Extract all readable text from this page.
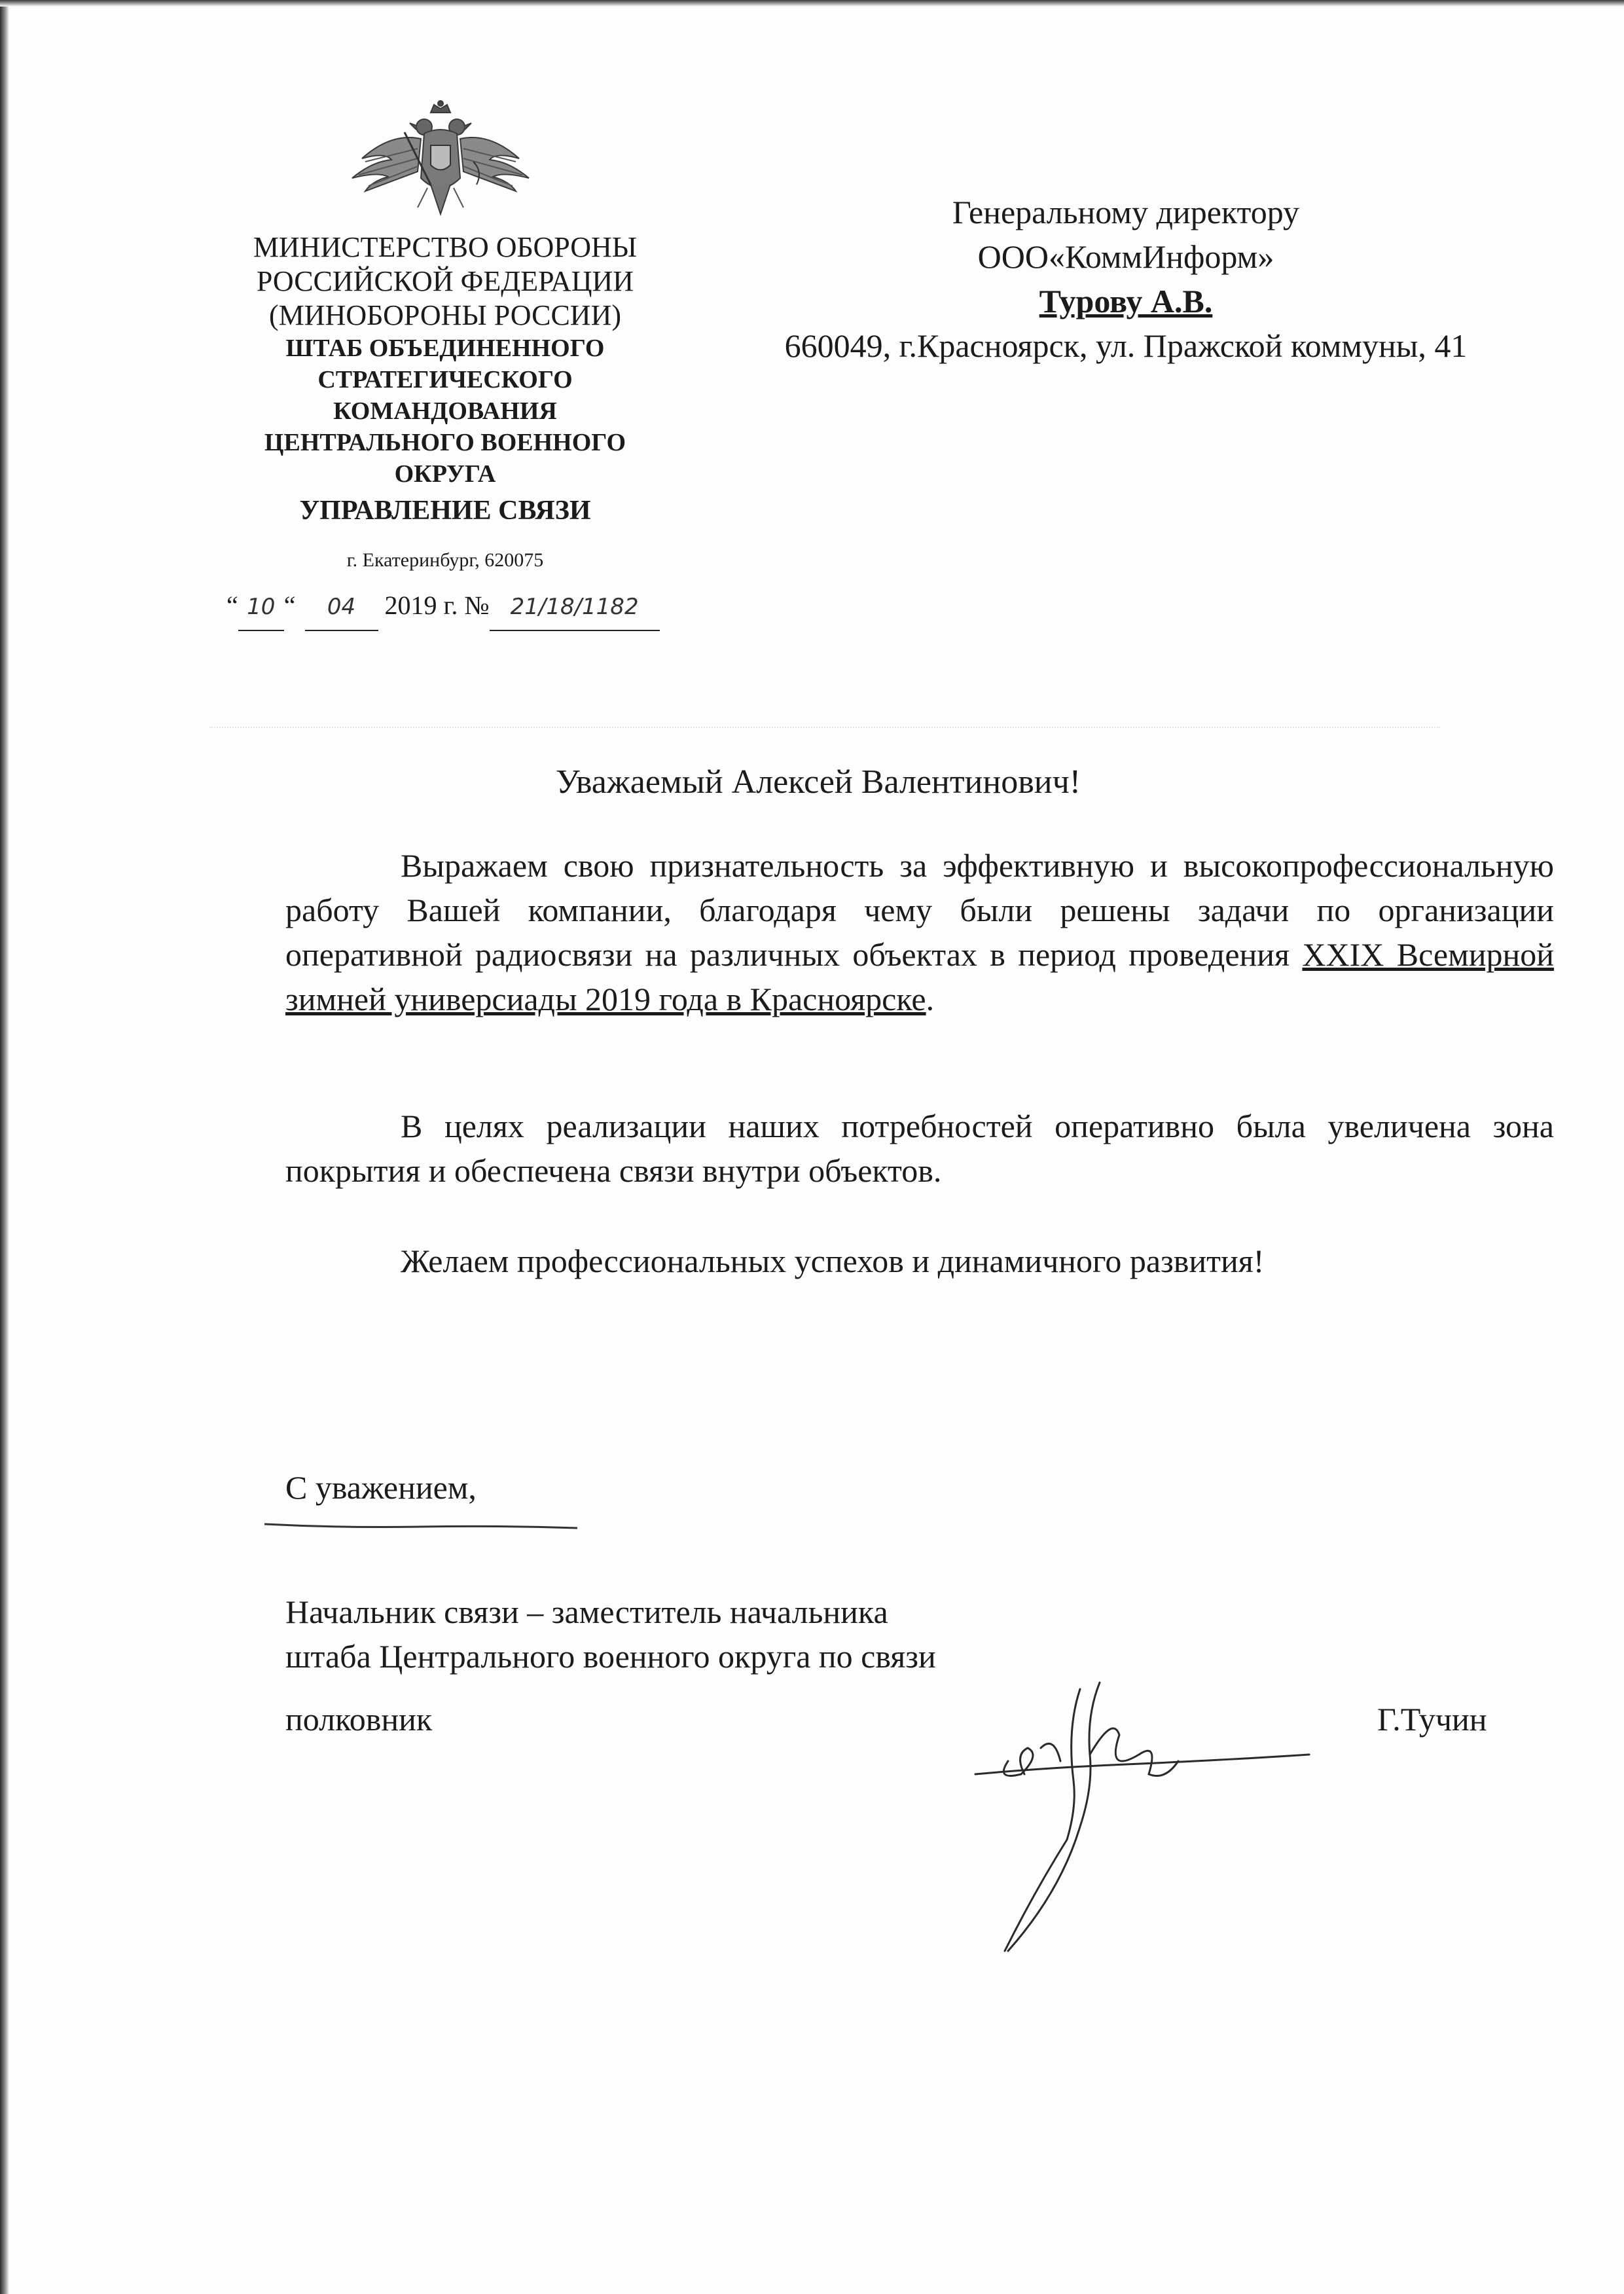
МИНИСТЕРСТВО ОБОРОНЫ
РОССИЙСКОЙ ФЕДЕРАЦИИ
(МИНОБОРОНЫ РОССИИ)
ШТАБ ОБЪЕДИНЕННОГО
СТРАТЕГИЧЕСКОГО
КОМАНДОВАНИЯ
ЦЕНТРАЛЬНОГО ВОЕННОГО
ОКРУГА
УПРАВЛЕНИЕ СВЯЗИ
г. Екатеринбург, 620075
“ 10 “ 04 2019 г. № 21/18/1182
Генеральному директору
ООО«КоммИнформ»
Турову А.В.
660049, г.Красноярск, ул. Пражской коммуны, 41
Уважаемый Алексей Валентинович!

Выражаем свою признательность за эффективную и высокопрофессиональную работу Вашей компании, благодаря чему были решены задачи по организации оперативной радиосвязи на различных объектах в период проведения XXIX Всемирной зимней универсиады 2019 года в Красноярске.

В целях реализации наших потребностей оперативно была увеличена зона покрытия и обеспечена связи внутри объектов.

Желаем профессиональных успехов и динамичного развития!

С уважением,
Начальник связи – заместитель начальника
штаба Центрального военного округа по связи
полковник	Г.Тучин
